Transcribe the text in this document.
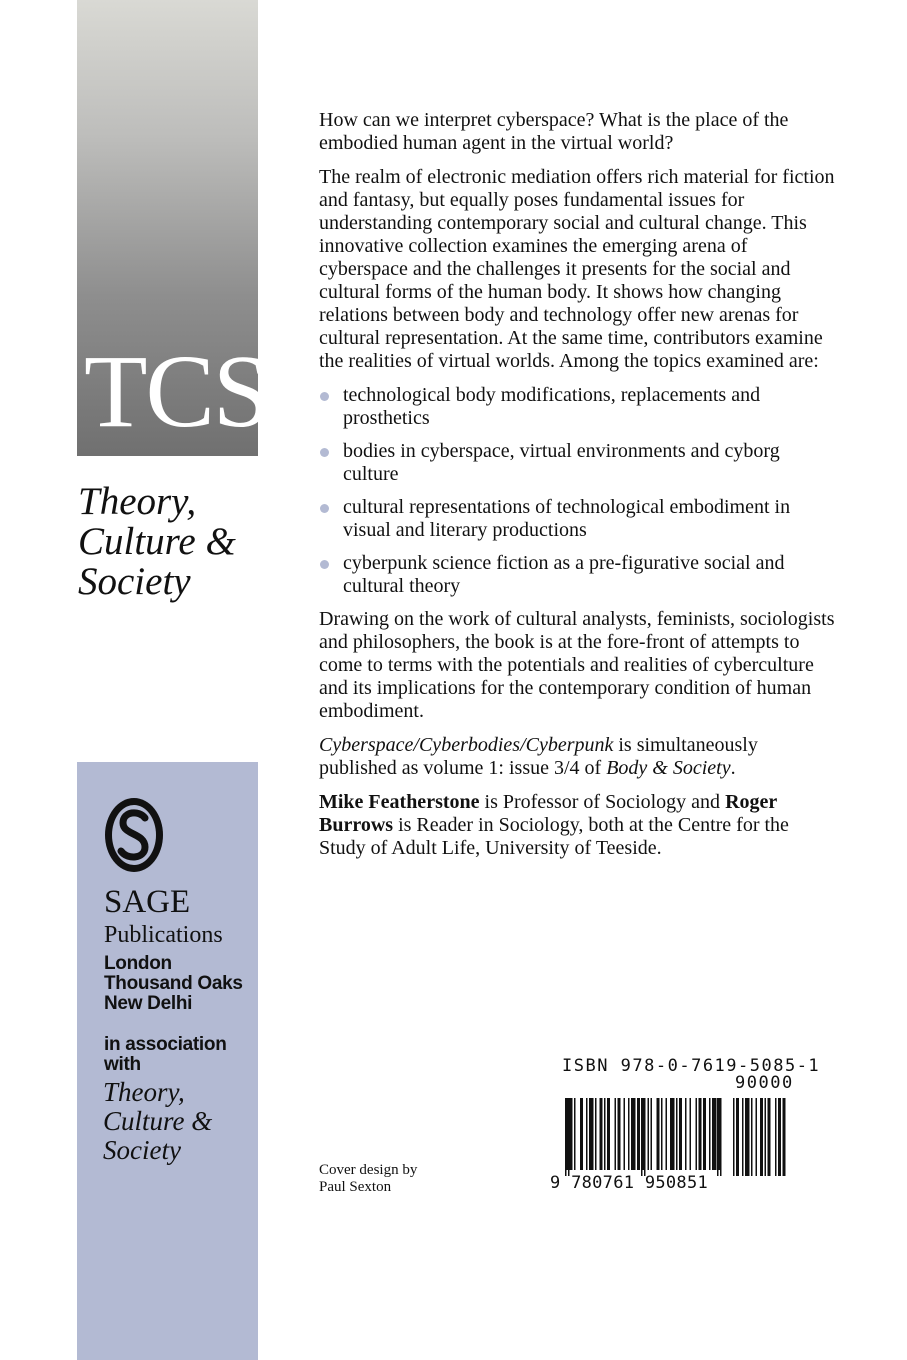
TCS
Theory,
Culture &
Society
SAGE
Publications
London
Thousand Oaks
New Delhi
in association
with
Theory,
Culture &
Society

How can we interpret cyberspace? What is the place of the embodied human agent in the virtual world?

The realm of electronic mediation offers rich material for fiction and fantasy, but equally poses fundamental issues for understanding contemporary social and cultural change. This innovative collection examines the emerging arena of cyberspace and the challenges it presents for the social and cultural forms of the human body. It shows how changing relations between body and technology offer new arenas for cultural representation. At the same time, contributors examine the realities of virtual worlds. Among the topics examined are:

technological body modifications, replacements and prosthetics
bodies in cyberspace, virtual environments and cyborg culture
cultural representations of technological embodiment in visual and literary productions
cyberpunk science fiction as a pre-figurative social and cultural theory

Drawing on the work of cultural analysts, feminists, sociologists and philosophers, the book is at the fore-front of attempts to come to terms with the potentials and realities of cyberculture and its implications for the contemporary condition of human embodiment.

Cyberspace/Cyberbodies/Cyberpunk is simultaneously published as volume 1: issue 3/4 of Body & Society.

Mike Featherstone is Professor of Sociology and Roger Burrows is Reader in Sociology, both at the Centre for the Study of Adult Life, University of Teeside.

Cover design by
Paul Sexton
ISBN 978-0-7619-5085-1
90000
9 780761 950851
